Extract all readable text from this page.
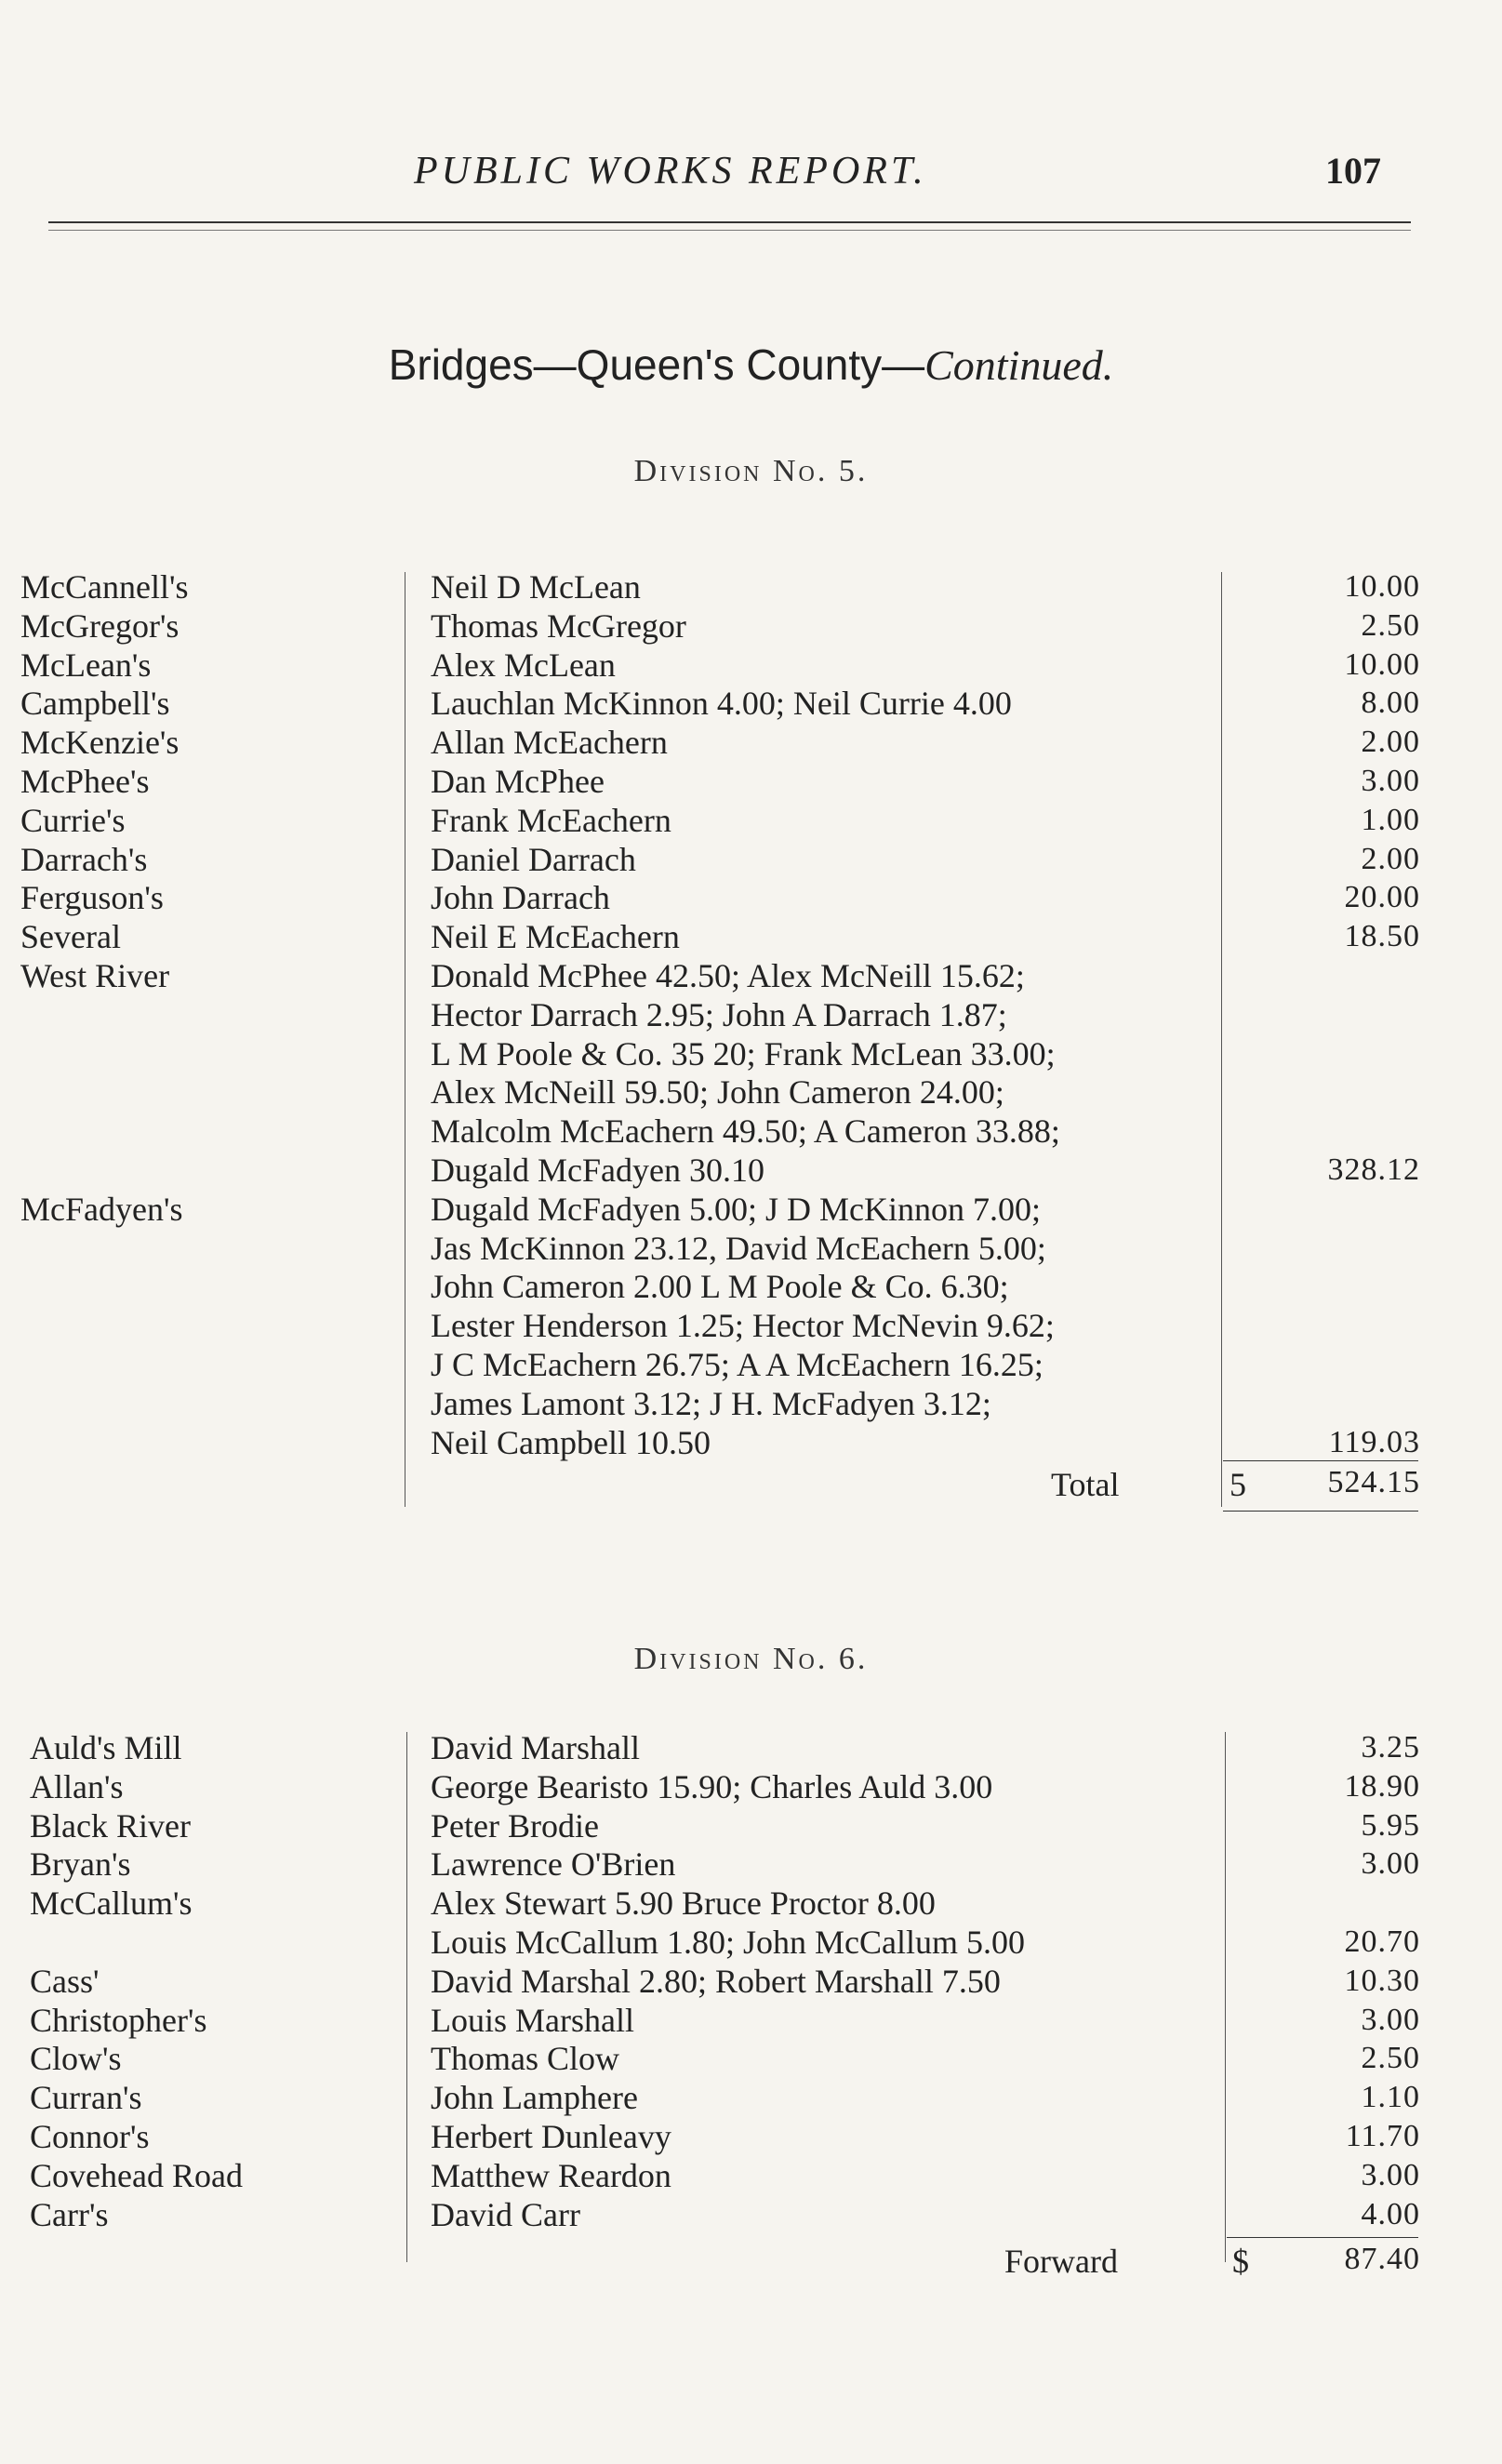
PUBLIC WORKS REPORT.	107
Bridges—Queen's County—Continued.
Division No. 5.
McCannell's	Neil D McLean	10.00
McGregor's	Thomas McGregor	2.50
McLean's	Alex McLean	10.00
Campbell's	Lauchlan McKinnon 4.00; Neil Currie 4.00	8.00
McKenzie's	Allan McEachern	2.00
McPhee's	Dan McPhee	3.00
Currie's	Frank McEachern	1.00
Darrach's	Daniel Darrach	2.00
Ferguson's	John Darrach	20.00
Several	Neil E McEachern	18.50
West River	Donald McPhee 42.50; Alex McNeill 15.62;
Hector Darrach 2.95; John A Darrach 1.87;
L M Poole & Co. 35 20; Frank McLean 33.00;
Alex McNeill 59.50; John Cameron 24.00;
Malcolm McEachern 49.50; A Cameron 33.88;
Dugald McFadyen 30.10	328.12
McFadyen's	Dugald McFadyen 5.00; J D McKinnon 7.00;
Jas McKinnon 23.12, David McEachern 5.00;
John Cameron 2.00 L M Poole & Co. 6.30;
Lester Henderson 1.25; Hector McNevin 9.62;
J C McEachern 26.75; A A McEachern 16.25;
James Lamont 3.12; J H. McFadyen 3.12;
Neil Campbell 10.50	119.03
Total	5	524.15
Division No. 6.
Auld's Mill	David Marshall	3.25
Allan's	George Bearisto 15.90; Charles Auld 3.00	18.90
Black River	Peter Brodie	5.95
Bryan's	Lawrence O'Brien	3.00
McCallum's	Alex Stewart 5.90 Bruce Proctor 8.00
Louis McCallum 1.80; John McCallum 5.00	20.70
Cass'	David Marshal 2.80; Robert Marshall 7.50	10.30
Christopher's	Louis Marshall	3.00
Clow's	Thomas Clow	2.50
Curran's	John Lamphere	1.10
Connor's	Herbert Dunleavy	11.70
Covehead Road	Matthew Reardon	3.00
Carr's	David Carr	4.00
Forward	$	87.40
